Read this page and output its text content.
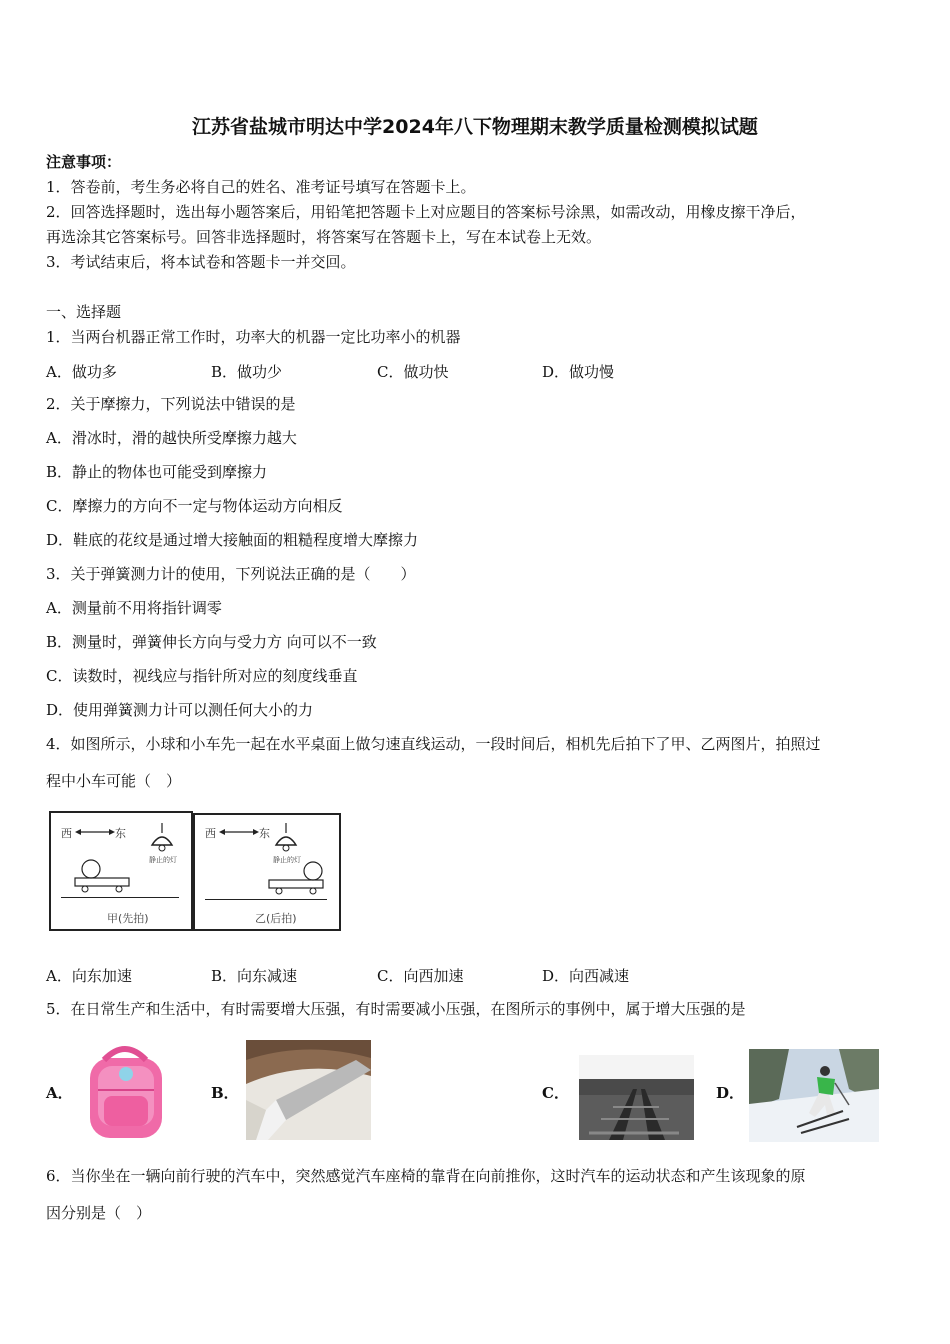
江苏省盐城市明达中学2024年八下物理期末教学质量检测模拟试题
注意事项：
1．答卷前，考生务必将自己的姓名、准考证号填写在答题卡上。
2．回答选择题时，选出每小题答案后，用铅笔把答题卡上对应题目的答案标号涂黑，如需改动，用橡皮擦干净后，
再选涂其它答案标号。回答非选择题时，将答案写在答题卡上，写在本试卷上无效。
3．考试结束后，将本试卷和答题卡一并交回。
一、选择题
1．当两台机器正常工作时，功率大的机器一定比功率小的机器
A．做功多	B．做功少	C．做功快	D．做功慢
2．关于摩擦力，下列说法中错误的是
A．滑冰时，滑的越快所受摩擦力越大
B．静止的物体也可能受到摩擦力
C．摩擦力的方向不一定与物体运动方向相反
D．鞋底的花纹是通过增大接触面的粗糙程度增大摩擦力
3．关于弹簧测力计的使用，下列说法正确的是（　　）
A．测量前不用将指针调零
B．测量时，弹簧伸长方向与受力方 向可以不一致
C．读数时，视线应与指针所对应的刻度线垂直
D．使用弹簧测力计可以测任何大小的力
4．如图所示，小球和小车先一起在水平桌面上做匀速直线运动，一段时间后，相机先后拍下了甲、乙两图片，拍照过
程中小车可能（　）
西	东
静止的灯
甲(先拍)
西	东
静止的灯
乙(后拍)
A．向东加速	B．向东减速	C．向西加速	D．向西减速
5．在日常生产和生活中，有时需要增大压强，有时需要减小压强，在图所示的事例中，属于增大压强的是
A．	B．	C．	D．
6．当你坐在一辆向前行驶的汽车中，突然感觉汽车座椅的靠背在向前推你，这时汽车的运动状态和产生该现象的原
因分别是（　）
